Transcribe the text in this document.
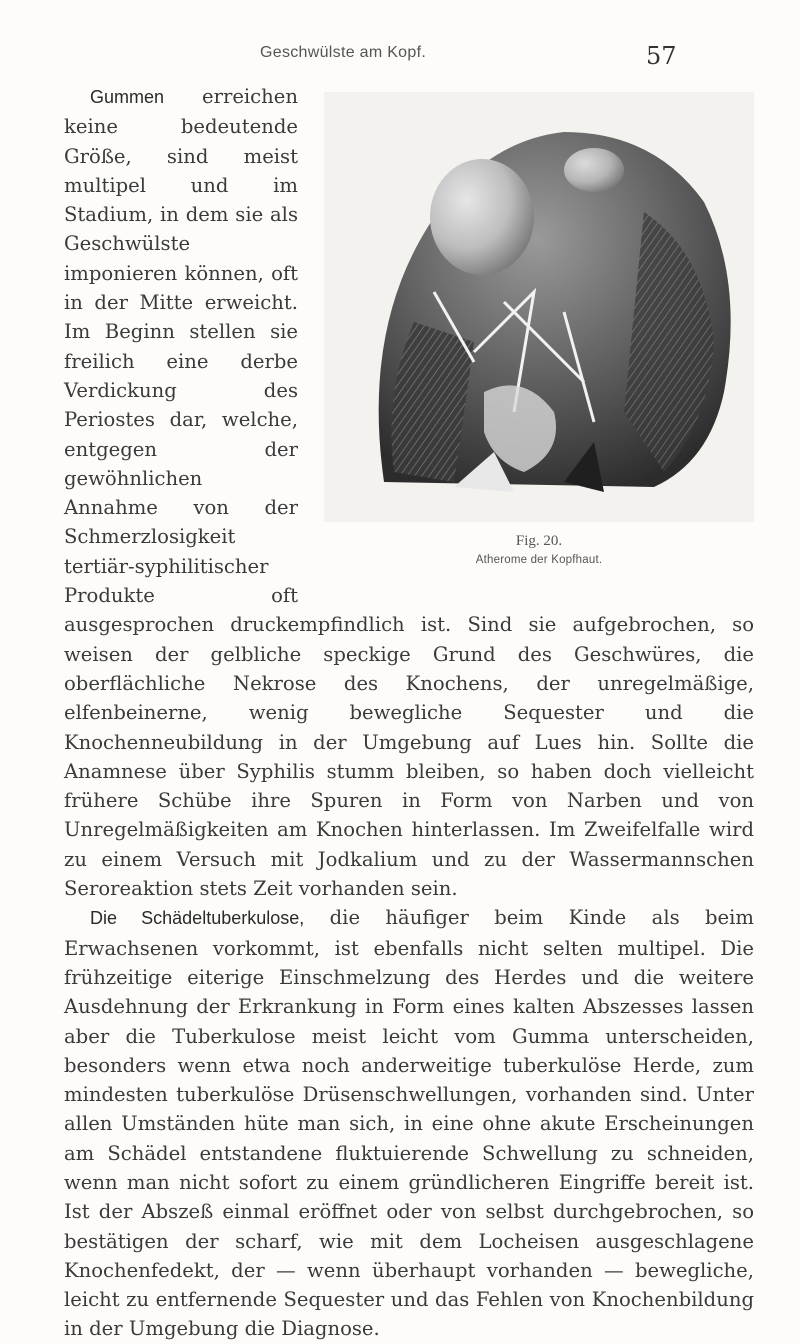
Geschwülste am Kopf.	57
Fig. 20.
Atherome der Kopfhaut.

Gummen erreichen keine bedeutende Größe, sind meist multipel und im Stadium, in dem sie als Geschwülste imponieren können, oft in der Mitte erweicht. Im Beginn stellen sie freilich eine derbe Verdickung des Periostes dar, welche, entgegen der gewöhnlichen Annahme von der Schmerzlosigkeit tertiär-syphilitischer Produkte oft ausgesprochen druckempfindlich ist. Sind sie aufgebrochen, so weisen der gelbliche speckige Grund des Geschwüres, die oberflächliche Nekrose des Knochens, der unregelmäßige, elfenbeinerne, wenig bewegliche Sequester und die Knochenneubildung in der Umgebung auf Lues hin. Sollte die Anamnese über Syphilis stumm bleiben, so haben doch vielleicht frühere Schübe ihre Spuren in Form von Narben und von Unregelmäßigkeiten am Knochen hinterlassen. Im Zweifelfalle wird zu einem Versuch mit Jodkalium und zu der Wassermannschen Seroreaktion stets Zeit vorhanden sein.

Die Schädeltuberkulose, die häufiger beim Kinde als beim Erwachsenen vorkommt, ist ebenfalls nicht selten multipel. Die frühzeitige eiterige Einschmelzung des Herdes und die weitere Ausdehnung der Erkrankung in Form eines kalten Abszesses lassen aber die Tuberkulose meist leicht vom Gumma unterscheiden, besonders wenn etwa noch anderweitige tuberkulöse Herde, zum mindesten tuberkulöse Drüsenschwellungen, vorhanden sind. Unter allen Umständen hüte man sich, in eine ohne akute Erscheinungen am Schädel entstandene fluktuierende Schwellung zu schneiden, wenn man nicht sofort zu einem gründlicheren Eingriffe bereit ist. Ist der Abszeß einmal eröffnet oder von selbst durchgebrochen, so bestätigen der scharf, wie mit dem Locheisen ausgeschlagene Knochenfedekt, der — wenn überhaupt vorhanden — bewegliche, leicht zu entfernende Sequester und das Fehlen von Knochenbildung in der Umgebung die Diagnose.
